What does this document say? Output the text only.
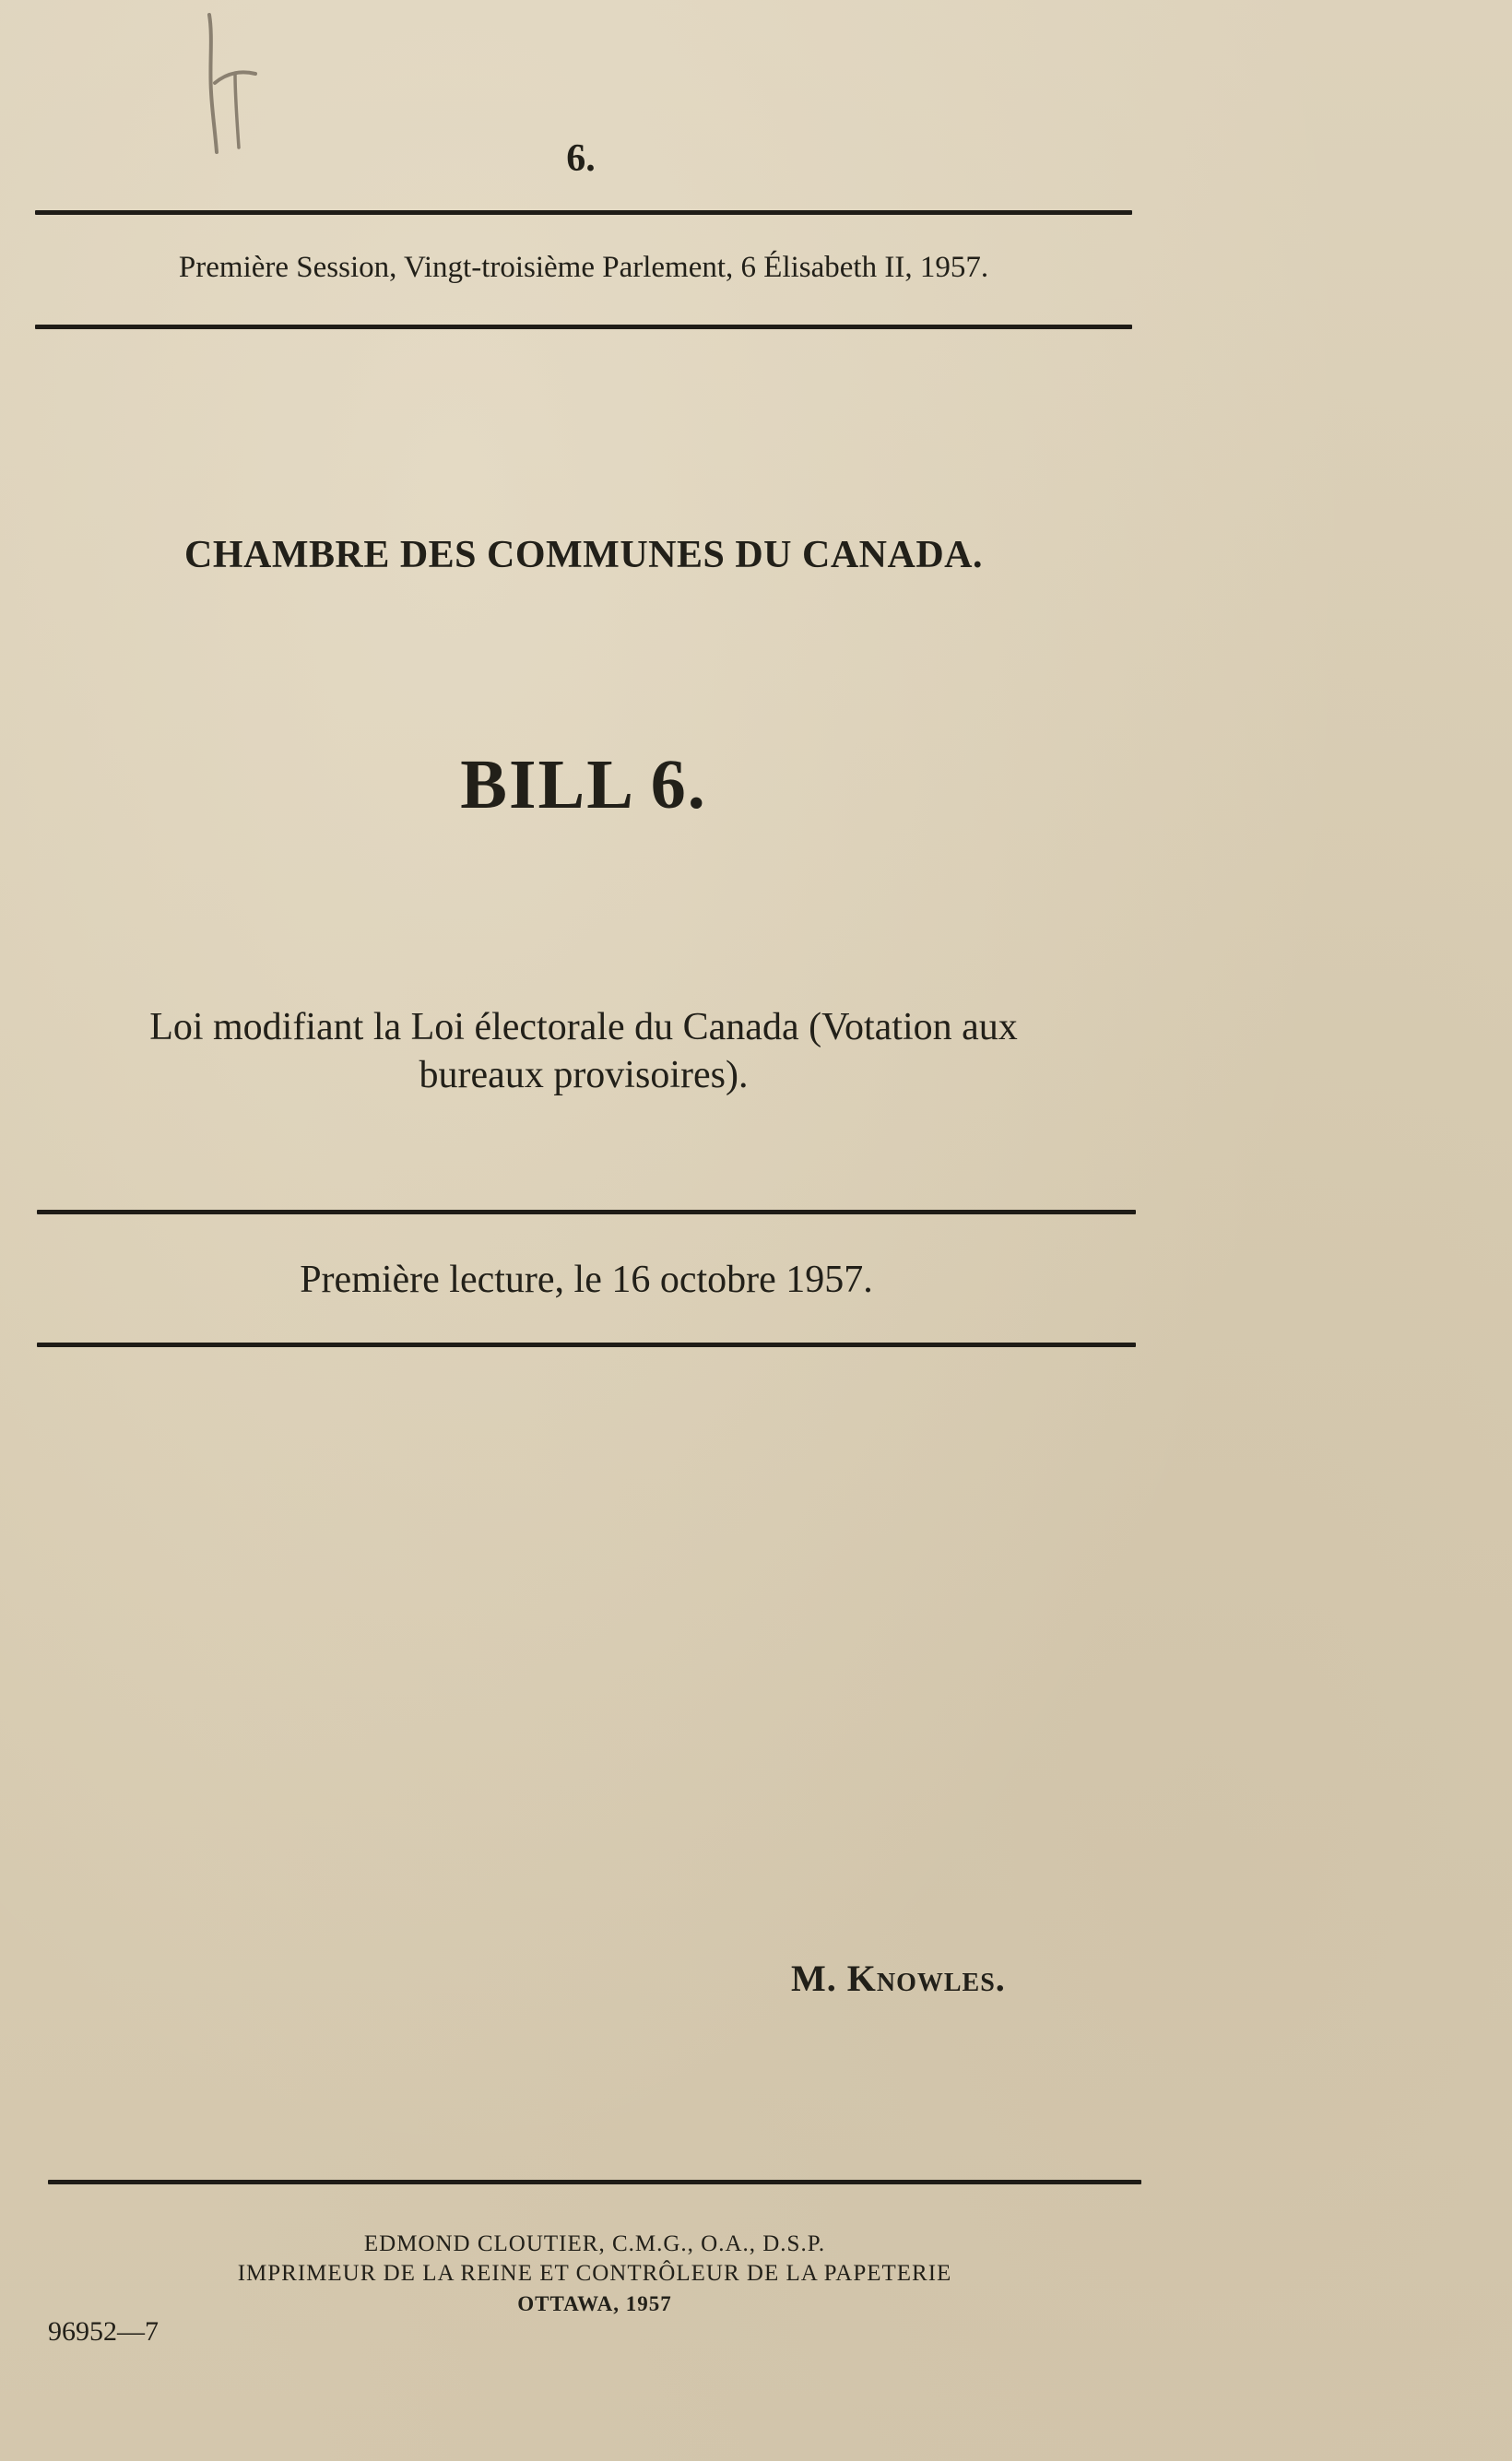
6.
Première Session, Vingt-troisième Parlement, 6 Élisabeth II, 1957.
CHAMBRE DES COMMUNES DU CANADA.
BILL 6.
Loi modifiant la Loi électorale du Canada (Votation aux
bureaux provisoires).
Première lecture, le 16 octobre 1957.
M. Knowles.
EDMOND CLOUTIER, C.M.G., O.A., D.S.P.
IMPRIMEUR DE LA REINE ET CONTRÔLEUR DE LA PAPETERIE
OTTAWA, 1957
96952—7
